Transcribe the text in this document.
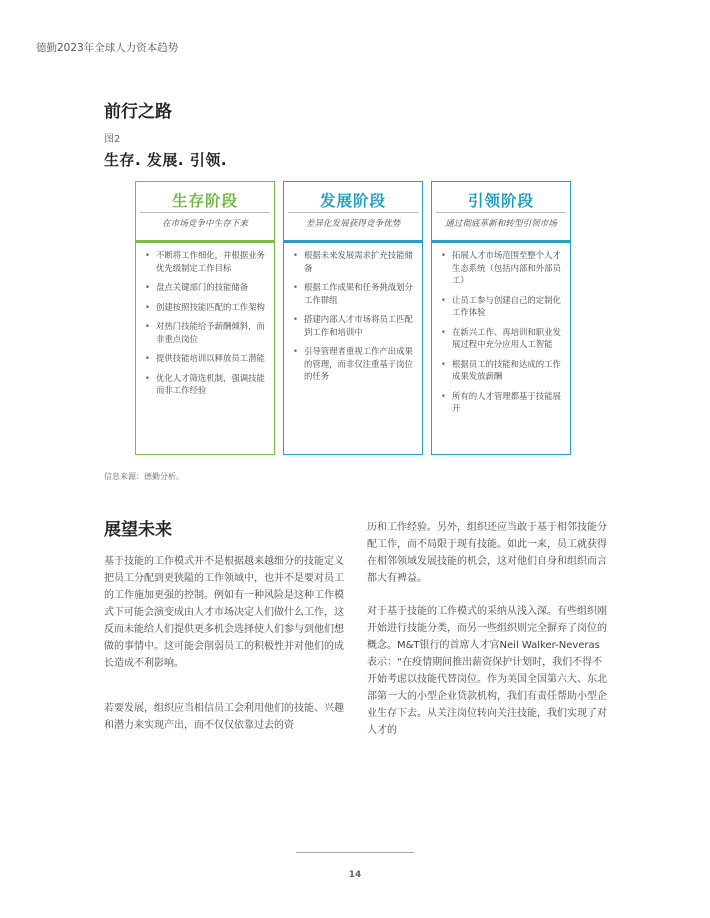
德勤2023年全球人力资本趋势
前行之路
图2
生存. 发展. 引领.
生存阶段
在市场竞争中生存下来
• 不断将工作细化，并根据业务优先级制定工作目标
• 盘点关键部门的技能储备
• 创建按照技能匹配的工作架构
• 对热门技能给予薪酬倾斜，而非重点岗位
• 提供技能培训以释放员工潜能
• 优化人才筛选机制，强调技能而非工作经验
发展阶段
差异化发展获得竞争优势
• 根据未来发展需求扩充技能储备
• 根据工作成果和任务挑战划分工作群组
• 搭建内部人才市场将员工匹配到工作和培训中
• 引导管理者重视工作产出成果的管理，而非仅注重基于岗位的任务
引领阶段
通过彻底革新和转型引领市场
• 拓展人才市场范围至整个人才生态系统（包括内部和外部员工）
• 让员工参与创建自己的定制化工作体验
• 在新兴工作、再培训和职业发展过程中充分应用人工智能
• 根据员工的技能和达成的工作成果发放薪酬
• 所有的人才管理都基于技能展开
信息来源：德勤分析。
展望未来

基于技能的工作模式并不是根据越来越细分的技能定义把员工分配到更狭隘的工作领域中，也并不是要对员工的工作施加更强的控制。例如有一种风险是这种工作模式下可能会演变成由人才市场决定人们做什么工作，这反而未能给人们提供更多机会选择使人们参与到他们想做的事情中。这可能会削弱员工的积极性并对他们的成长造成不利影响。

若要发展，组织应当相信员工会利用他们的技能、兴趣和潜力来实现产出，而不仅仅依靠过去的资

历和工作经验。另外，组织还应当敢于基于相邻技能分配工作，而不局限于现有技能。如此一来，员工就获得在相邻领域发展技能的机会，这对他们自身和组织而言都大有裨益。

对于基于技能的工作模式的采纳从浅入深。有些组织刚开始进行技能分类，而另一些组织则完全摒弃了岗位的概念。M&T银行的首席人才官Neil Walker-Neveras表示：“在疫情期间推出薪资保护计划时，我们不得不开始考虑以技能代替岗位。作为美国全国第六大、东北部第一大的小型企业贷款机构，我们有责任帮助小型企业生存下去。从关注岗位转向关注技能，我们实现了对人才的

14
